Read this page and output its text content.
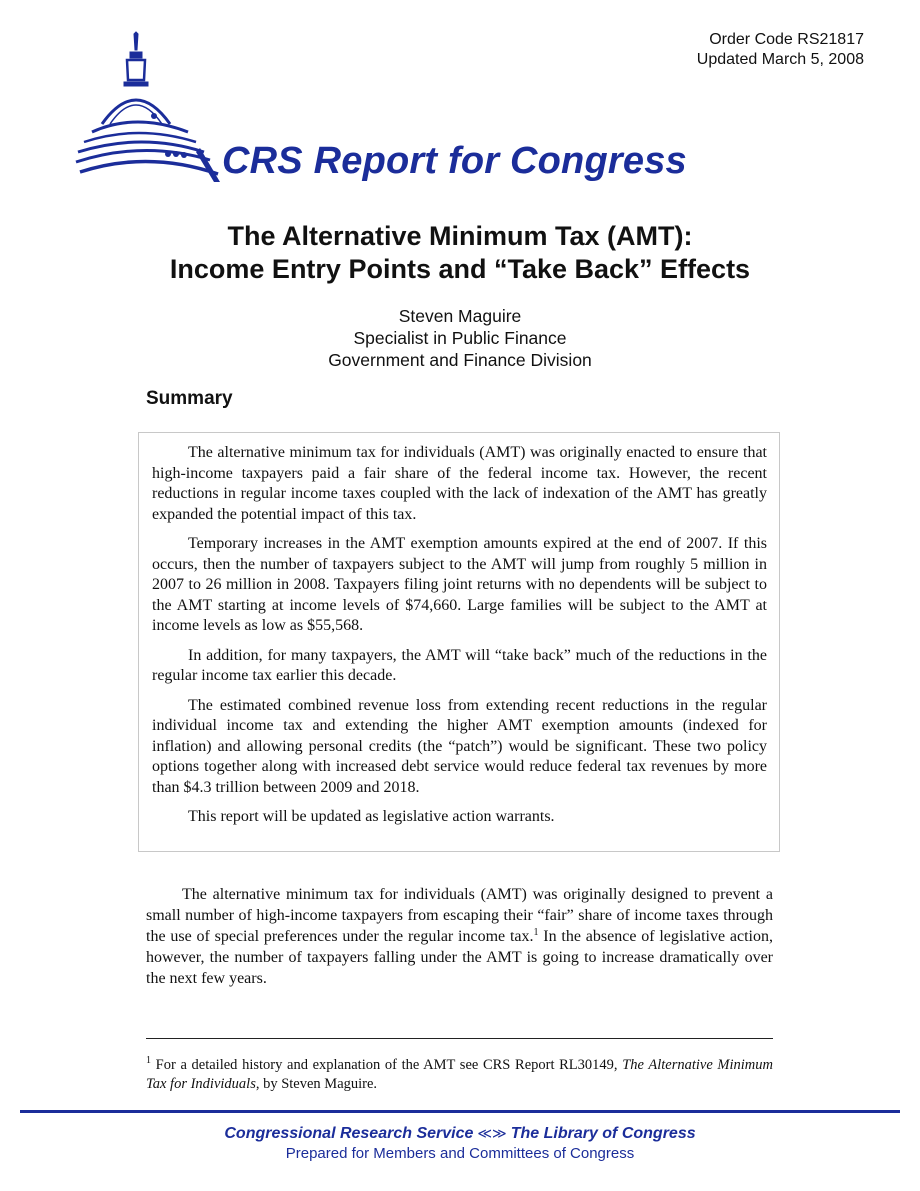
Order Code RS21817
Updated March 5, 2008
CRS Report for Congress
The Alternative Minimum Tax (AMT):
Income Entry Points and “Take Back” Effects
Steven Maguire
Specialist in Public Finance
Government and Finance Division
Summary

The alternative minimum tax for individuals (AMT) was originally enacted to ensure that high-income taxpayers paid a fair share of the federal income tax. However, the recent reductions in regular income taxes coupled with the lack of indexation of the AMT has greatly expanded the potential impact of this tax.

Temporary increases in the AMT exemption amounts expired at the end of 2007. If this occurs, then the number of taxpayers subject to the AMT will jump from roughly 5 million in 2007 to 26 million in 2008. Taxpayers filing joint returns with no dependents will be subject to the AMT starting at income levels of $74,660. Large families will be subject to the AMT at income levels as low as $55,568.

In addition, for many taxpayers, the AMT will “take back” much of the reductions in the regular income tax earlier this decade.

The estimated combined revenue loss from extending recent reductions in the regular individual income tax and extending the higher AMT exemption amounts (indexed for inflation) and allowing personal credits (the “patch”) would be significant. These two policy options together along with increased debt service would reduce federal tax revenues by more than $4.3 trillion between 2009 and 2018.

This report will be updated as legislative action warrants.

The alternative minimum tax for individuals (AMT) was originally designed to prevent a small number of high-income taxpayers from escaping their “fair” share of income taxes through the use of special preferences under the regular income tax.$^1$ In the absence of legislative action, however, the number of taxpayers falling under the AMT is going to increase dramatically over the next few years.

$^1$ For a detailed history and explanation of the AMT see CRS Report RL30149, The Alternative Minimum Tax for Individuals, by Steven Maguire.
Congressional Research Service ≪≫ The Library of Congress
Prepared for Members and Committees of Congress
